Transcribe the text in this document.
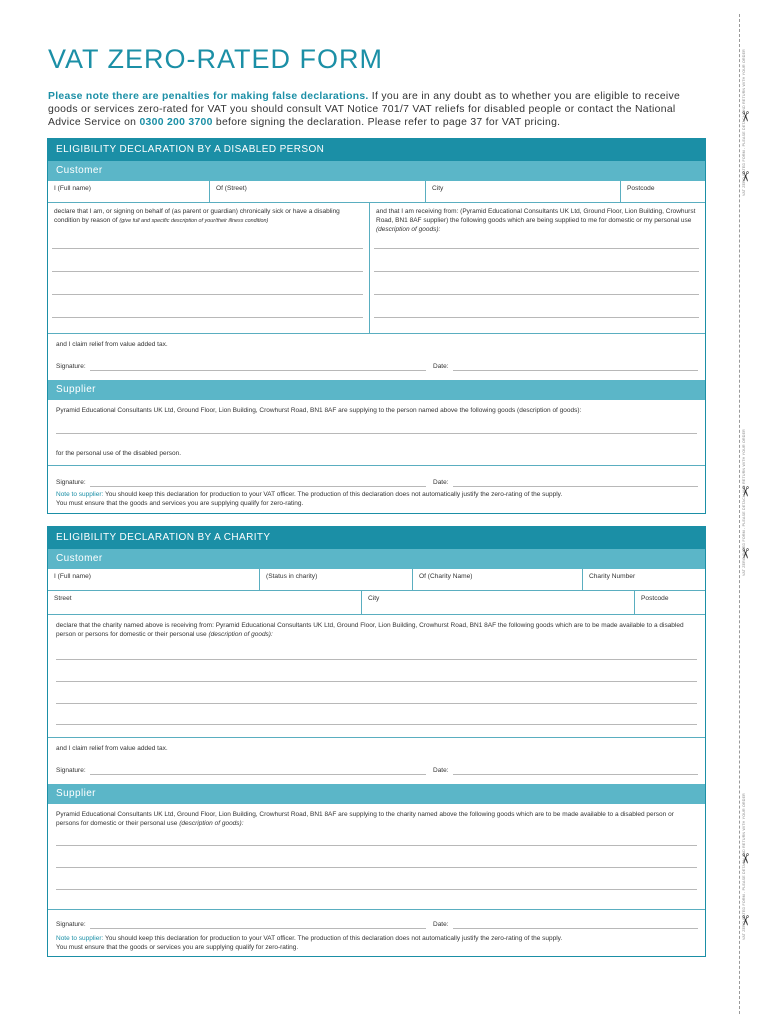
VAT ZERO-RATED FORM
Please note there are penalties for making false declarations. If you are in any doubt as to whether you are eligible to receive goods or services zero-rated for VAT you should consult VAT Notice 701/7 VAT reliefs for disabled people or contact the National Advice Service on 0300 200 3700 before signing the declaration. Please refer to page 37 for VAT pricing.
✂
✂
✂
✂
✂
✂
VAT ZERO-RATED FORM - PLEASE DETACH AND RETURN WITH YOUR ORDER
VAT ZERO-RATED FORM - PLEASE DETACH AND RETURN WITH YOUR ORDER
VAT ZERO-RATED FORM - PLEASE DETACH AND RETURN WITH YOUR ORDER
ELIGIBILITY DECLARATION BY A DISABLED PERSON
Customer
I (Full name)	Of (Street)	City	Postcode
declare that I am, or signing on behalf of (as parent or guardian) chronically sick or have a disabling condition by reason of (give full and specific description of your/their illness condition)
and that I am receiving from: (Pyramid Educational Consultants UK Ltd, Ground Floor, Lion Building, Crowhurst Road, BN1 8AF supplier) the following goods which are being supplied to me for domestic or my personal use (description of goods):
and I claim relief from value added tax.
Signature:	Date:
Supplier
Pyramid Educational Consultants UK Ltd, Ground Floor, Lion Building, Crowhurst Road, BN1 8AF are supplying to the person named above the following goods (description of goods):
for the personal use of the disabled person.
Signature:	Date:
Note to supplier: You should keep this declaration for production to your VAT officer. The production of this declaration does not automatically justify the zero-rating of the supply.
You must ensure that the goods and services you are supplying qualify for zero-rating.
ELIGIBILITY DECLARATION BY A CHARITY
Customer
I (Full name)	(Status in charity)	Of (Charity Name)	Charity Number
Street	City	Postcode
declare that the charity named above is receiving from: Pyramid Educational Consultants UK Ltd, Ground Floor, Lion Building, Crowhurst Road, BN1 8AF the following goods which are to be made available to a disabled person or persons for domestic or their personal use (description of goods):
and I claim relief from value added tax.
Signature:	Date:
Supplier
Pyramid Educational Consultants UK Ltd, Ground Floor, Lion Building, Crowhurst Road, BN1 8AF are supplying to the charity named above the following goods which are to be made available to a disabled person or persons for domestic or their personal use (description of goods):
Signature:	Date:
Note to supplier: You should keep this declaration for production to your VAT officer. The production of this declaration does not automatically justify the zero-rating of the supply.
You must ensure that the goods or services you are supplying qualify for zero-rating.
